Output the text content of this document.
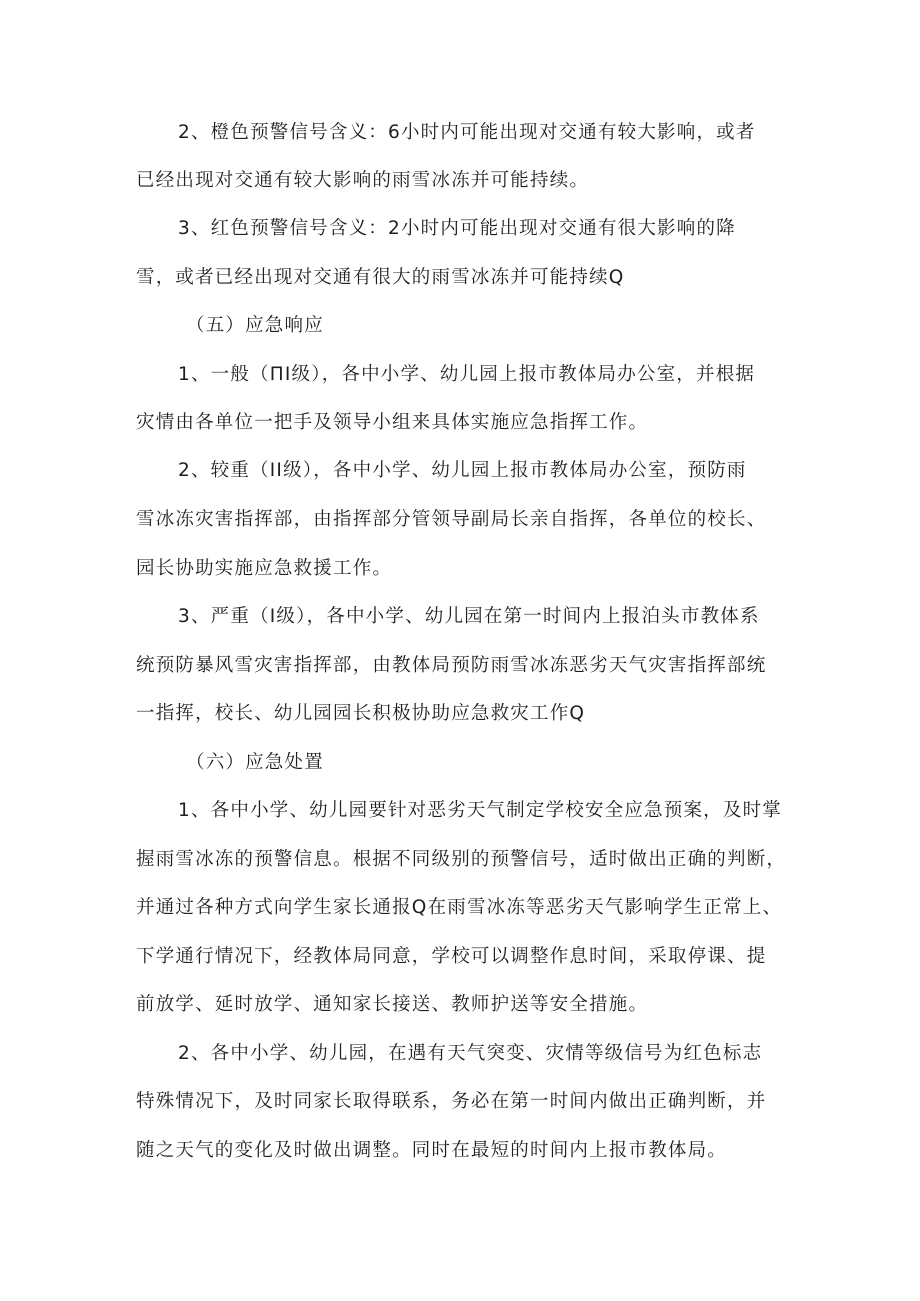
2、橙色预警信号含义：6小时内可能出现对交通有较大影响，或者
已经出现对交通有较大影响的雨雪冰冻并可能持续。
3、红色预警信号含义：2小时内可能出现对交通有很大影响的降
雪，或者已经出现对交通有很大的雨雪冰冻并可能持续Q
（五）应急响应
1、一般（ΠI级），各中小学、幼儿园上报市教体局办公室，并根据
灾情由各单位一把手及领导小组来具体实施应急指挥工作。
2、较重（II级），各中小学、幼儿园上报市教体局办公室，预防雨
雪冰冻灾害指挥部，由指挥部分管领导副局长亲自指挥，各单位的校长、
园长协助实施应急救援工作。
3、严重（I级），各中小学、幼儿园在第一时间内上报泊头市教体系
统预防暴风雪灾害指挥部，由教体局预防雨雪冰冻恶劣天气灾害指挥部统
一指挥，校长、幼儿园园长积极协助应急救灾工作Q
（六）应急处置
1、各中小学、幼儿园要针对恶劣天气制定学校安全应急预案，及时掌
握雨雪冰冻的预警信息。根据不同级别的预警信号，适时做出正确的判断，
并通过各种方式向学生家长通报Q在雨雪冰冻等恶劣天气影响学生正常上、
下学通行情况下，经教体局同意，学校可以调整作息时间，采取停课、提
前放学、延时放学、通知家长接送、教师护送等安全措施。
2、各中小学、幼儿园，在遇有天气突变、灾情等级信号为红色标志
特殊情况下，及时同家长取得联系，务必在第一时间内做出正确判断，并
随之天气的变化及时做出调整。同时在最短的时间内上报市教体局。
